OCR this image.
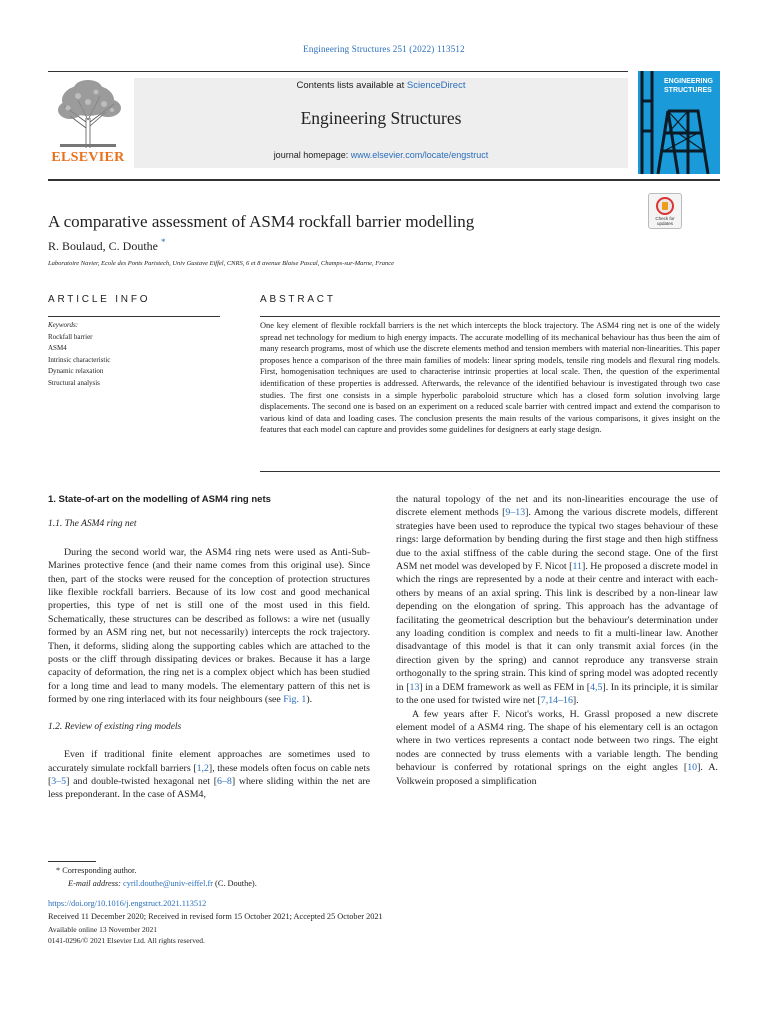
Engineering Structures 251 (2022) 113512
ELSEVIER
Contents lists available at ScienceDirect
Engineering Structures
journal homepage: www.elsevier.com/locate/engstruct
ENGINEERING
STRUCTURES
Check for
updates
A comparative assessment of ASM4 rockfall barrier modelling
R. Boulaud, C. Douthe *
Laboratoire Navier, Ecole des Ponts Paristech, Univ Gustave Eiffel, CNRS, 6 et 8 avenue Blaise Pascal, Champs-sur-Marne, France
ARTICLE INFO	ABSTRACT
Keywords:
Rockfall barrier
ASM4
Intrinsic characteristic
Dynamic relaxation
Structural analysis
One key element of flexible rockfall barriers is the net which intercepts the block trajectory. The ASM4 ring net is one of the widely spread net technology for medium to high energy impacts. The accurate modelling of its mechanical behaviour has thus been the aim of many research programs, most of which use the discrete elements method and tension members with material non-linearities. This paper proposes hence a comparison of the three main families of models: linear spring models, tensile ring models and flexural ring models. First, homogenisation techniques are used to characterise intrinsic properties at local scale. Then, the question of the experimental identification of these properties is addressed. Afterwards, the relevance of the identified behaviour is investigated through two case studies. The first one consists in a simple hyperbolic paraboloid structure which has a closed form solution involving large displacements. The second one is based on an experiment on a reduced scale barrier with centred impact and extend the comparison to various kind of data and loading cases. The conclusion presents the main results of the various comparisons, it gives insight on the features that each model can capture and provides some guidelines for designers at early stage design.
1. State-of-art on the modelling of ASM4 ring nets
1.1. The ASM4 ring net

During the second world war, the ASM4 ring nets were used as Anti-Sub-Marines protective fence (and their name comes from this original use). Since then, part of the stocks were reused for the conception of protection structures like flexible rockfall barriers. Because of its low cost and good mechanical properties, this type of net is still one of the most used in this field. Schematically, these structures can be described as follows: a wire net (usually formed by an ASM ring net, but not necessarily) intercepts the rock trajectory. Then, it deforms, sliding along the supporting cables which are attached to the posts or the cliff through dissipating devices or brakes. Because it has a large capacity of deformation, the ring net is a complex object which has been studied for a long time and lead to many models. The elementary pattern of this net is formed by one ring interlaced with its four neighbours (see Fig. 1).

1.2. Review of existing ring models

Even if traditional finite element approaches are sometimes used to accurately simulate rockfall barriers [1,2], these models often focus on cable nets [3–5] and double-twisted hexagonal net [6–8] where sliding within the net are less preponderant. In the case of ASM4,

the natural topology of the net and its non-linearities encourage the use of discrete element methods [9–13]. Among the various discrete models, different strategies have been used to reproduce the typical two stages behaviour of these rings: large deformation by bending during the first stage and then high stiffness due to the axial stiffness of the cable during the second stage. One of the first ASM net model was developed by F. Nicot [11]. He proposed a discrete model in which the rings are represented by a node at their centre and interact with each-others by means of an axial spring. This link is described by a non-linear law depending on the elongation of spring. This approach has the advantage of facilitating the geometrical description but the behaviour's determination under any loading condition is complex and needs to fit a multi-linear law. Another disadvantage of this model is that it can only transmit axial forces (in the direction given by the spring) and cannot reproduce any transverse strain orthogonally to the spring strain. This kind of spring model was adopted recently in [13] in a DEM framework as well as FEM in [4,5]. In its principle, it is similar to the one used for twisted wire net [7,14–16].

A few years after F. Nicot's works, H. Grassl proposed a new discrete element model of a ASM4 ring. The shape of his elementary cell is an octagon where in two vertices represents a contact node between two rings. The eight nodes are connected by truss elements with a variable length. The bending behaviour is conferred by rotational springs on the eight angles [10]. A. Volkwein proposed a simplification

* Corresponding author.
E-mail address: cyril.douthe@univ-eiffel.fr (C. Douthe).
https://doi.org/10.1016/j.engstruct.2021.113512
Received 11 December 2020; Received in revised form 15 October 2021; Accepted 25 October 2021
Available online 13 November 2021
0141-0296/© 2021 Elsevier Ltd. All rights reserved.
